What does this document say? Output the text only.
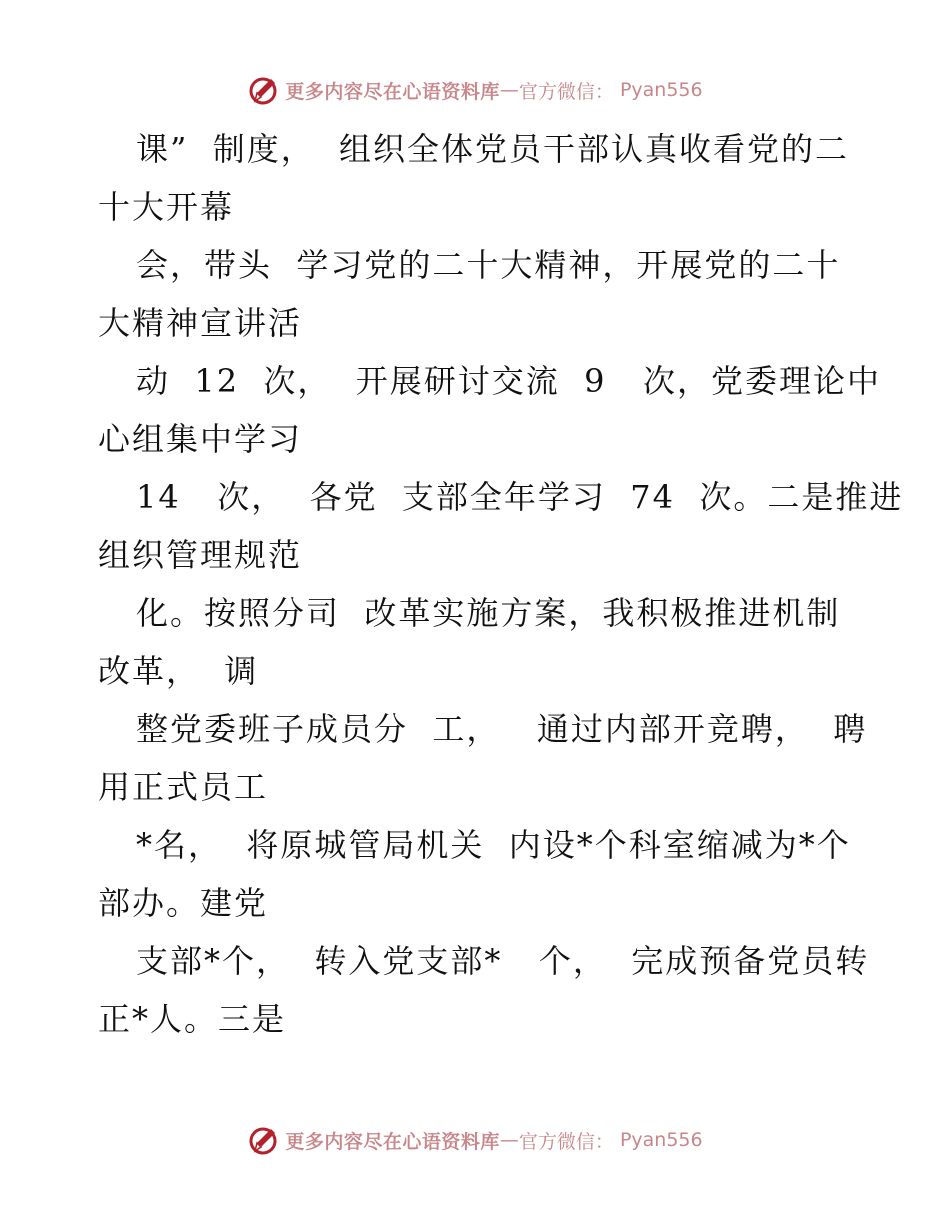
更多内容尽在心语资料库 — 官方微信： Pyan556

课”  制度，  组织全体党员干部认真收看党的二

十大开幕

会，带头  学习党的二十大精神，开展党的二十

大精神宣讲活

动  12  次，  开展研讨交流  9   次，党委理论中

心组集中学习

14   次，  各党  支部全年学习  74  次。二是推进

组织管理规范

化。按照分司  改革实施方案，我积极推进机制

改革，  调

整党委班子成员分  工，   通过内部开竞聘，  聘

用正式员工

*名，  将原城管局机关  内设*个科室缩减为*个

部办。建党

支部*个，  转入党支部*   个，  完成预备党员转

正*人。三是

更多内容尽在心语资料库 — 官方微信： Pyan556
